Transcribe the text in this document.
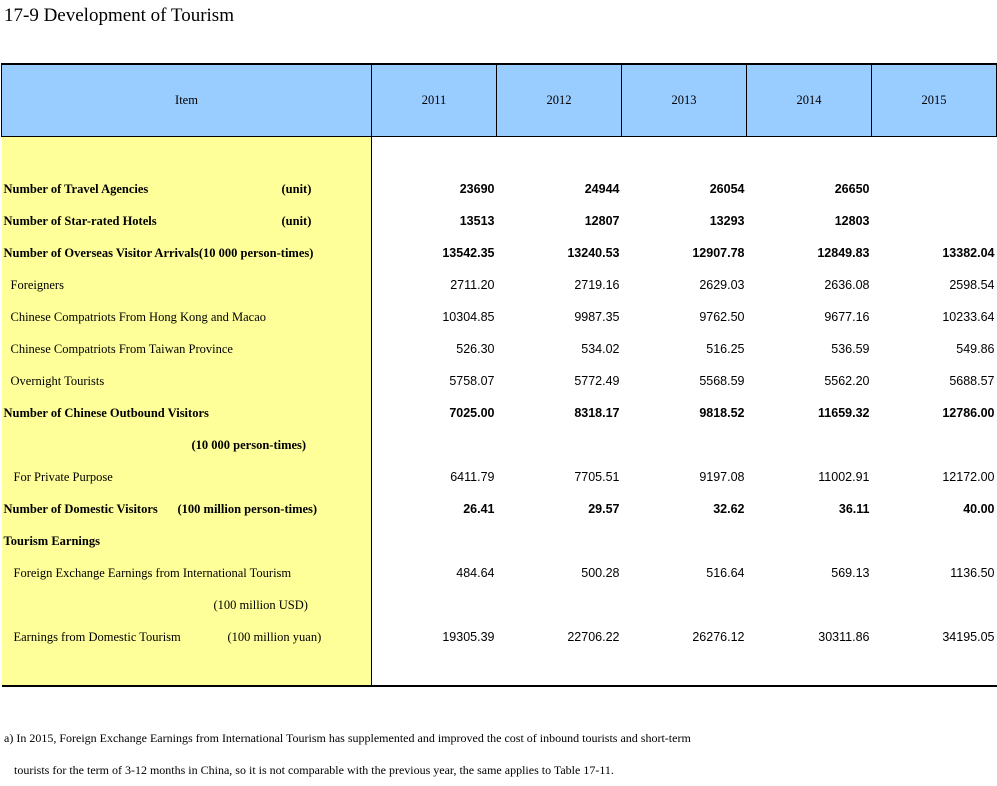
17-9 Development of Tourism
Item	2011	2012	2013	2014	2015

Number of Travel Agencies (unit)	23690	24944	26054	26650	
Number of Star-rated Hotels (unit)	13513	12807	13293	12803	
Number of Overseas Visitor Arrivals(10 000 person-times)	13542.35	13240.53	12907.78	12849.83	13382.04
Foreigners	2711.20	2719.16	2629.03	2636.08	2598.54
Chinese Compatriots From Hong Kong and Macao	10304.85	9987.35	9762.50	9677.16	10233.64
Chinese Compatriots From Taiwan Province	526.30	534.02	516.25	536.59	549.86
Overnight Tourists	5758.07	5772.49	5568.59	5562.20	5688.57
Number of Chinese Outbound Visitors	7025.00	8318.17	9818.52	11659.32	12786.00
(10 000 person-times)					
For Private Purpose	6411.79	7705.51	9197.08	11002.91	12172.00
Number of Domestic Visitors (100 million person-times)	26.41	29.57	32.62	36.11	40.00
Tourism Earnings					
Foreign Exchange Earnings from International Tourism	484.64	500.28	516.64	569.13	1136.50
(100 million USD)					
Earnings from Domestic Tourism (100 million yuan)	19305.39	22706.22	26276.12	30311.86	34195.05

a) In 2015, Foreign Exchange Earnings from International Tourism has supplemented and improved the cost of inbound tourists and short-term
tourists for the term of 3-12 months in China, so it is not comparable with the previous year, the same applies to Table 17-11.
